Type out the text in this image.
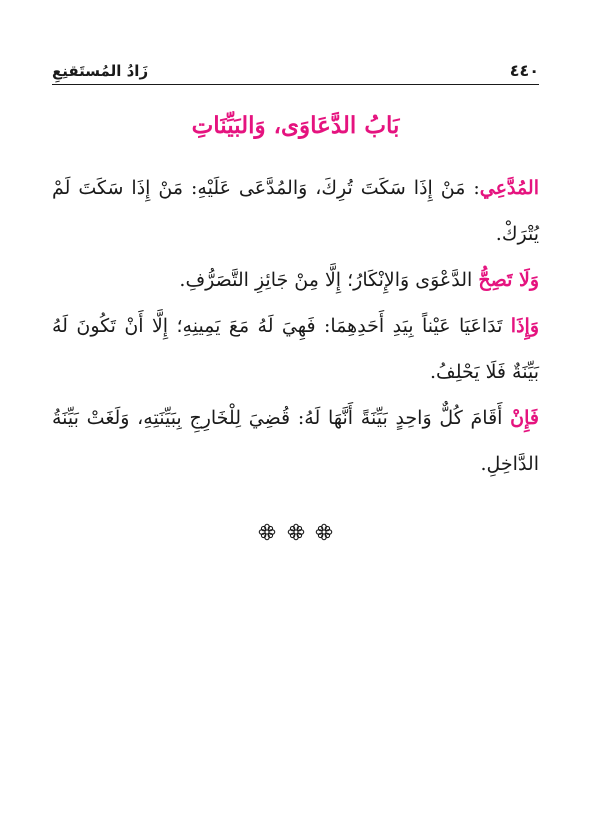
زَادُ المُستَقنِعِ	٤٤٠
بَابُ الدَّعَاوَى، وَالبَيِّنَاتِ

المُدَّعِي: مَنْ إِذَا سَكَتَ تُرِكَ، وَالمُدَّعَى عَلَيْهِ: مَنْ إِذَا سَكَتَ لَمْ يُتْرَكْ.

وَلَا تَصِحُّ الدَّعْوَى وَالإِنْكَارُ؛ إِلَّا مِنْ جَائِزِ التَّصَرُّفِ.

وَإِذَا تَدَاعَيَا عَيْناً بِيَدِ أَحَدِهِمَا: فَهِيَ لَهُ مَعَ يَمِينِهِ؛ إِلَّا أَنْ تَكُونَ لَهُ بَيِّنَةٌ فَلَا يَحْلِفُ.

فَإِنْ أَقَامَ كُلٌّ وَاحِدٍ بَيِّنَةً أَنَّهَا لَهُ: قُضِيَ لِلْخَارِجِ بِبَيِّنَتِهِ، وَلَغَتْ بَيِّنَةُ الدَّاخِلِ.
